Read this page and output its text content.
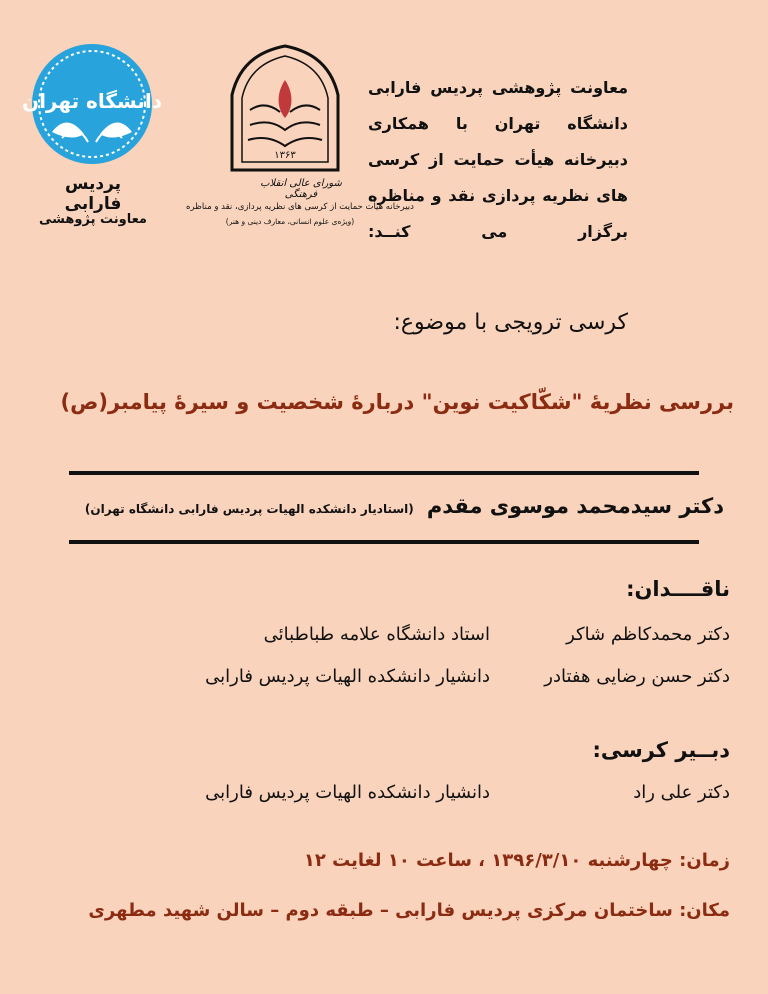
دانشگاه تهران
پردیس فارابی
معاونت پژوهشی
۱۳۶۳
شورای عالی انقلاب فرهنگی
دبیرخانه هیأت حمایت از کرسی های نظریه پردازی، نقد و مناظره
(ویژه‌ی علوم انسانی، معارف دینی و هنر)
معاونت پژوهشی پردیس فارابی
دانشگاه تهران با همکاری
دبیرخانه هیأت حمایت از کرسی
های نظریه پردازی نقد و مناظره
برگزار می کنــد:
کرسی ترویجی با موضوع:
بررسی نظریهٔ "شکّاکیت نوین" دربارهٔ شخصیت و سیرهٔ پیامبر(ص)
دکتر سیدمحمد موسوی مقدم (استادیار دانشکده الهیات پردیس فارابی دانشگاه تهران)
ناقــــدان:
دکتر محمدکاظم شاکراستاد دانشگاه علامه طباطبائی
دکتر حسن رضایی هفتادردانشیار دانشکده الهیات پردیس فارابی
دبــیر کرسی:
دکتر علی راددانشیار دانشکده الهیات پردیس فارابی
زمان: چهارشنبه ۱۳۹۶/۳/۱۰ ، ساعت ۱۰ لغایت ۱۲
مکان: ساختمان مرکزی پردیس فارابی – طبقه دوم – سالن شهید مطهری
